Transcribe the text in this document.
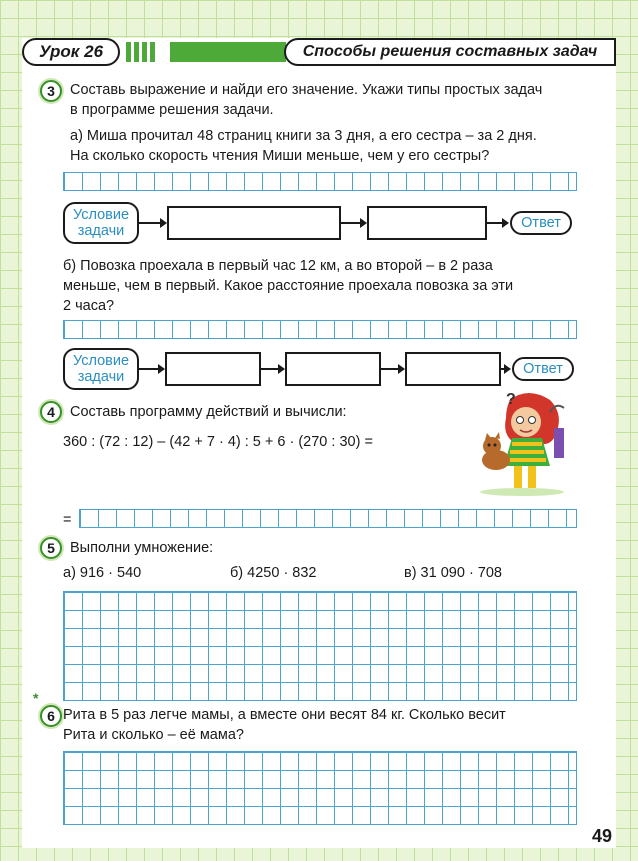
Урок 26	Способы решения составных задач
3	Составь выражение и найди его значение. Укажи типы простых задач
в программе решения задачи.
а) Миша прочитал 48 страниц книги за 3 дня, а его сестра – за 2 дня.
На сколько скорость чтения Миши меньше, чем у его сестры?
Условие
задачи	Ответ
б) Повозка проехала в первый час 12 км, а во второй – в 2 раза
меньше, чем в первый. Какое расстояние проехала повозка за эти
2 часа?
Условие
задачи	Ответ
4	Составь программу действий и вычисли:
360 : (72 : 12) – (42 + 7 · 4) : 5 + 6 · (270 : 30) =
?
=
5	Выполни умножение:
а) 916 · 540	б) 4250 · 832	в) 31 090 · 708
*
6 Рита в 5 раз легче мамы, а вместе они весят 84 кг. Сколько весит
Рита и сколько – её мама?
49
